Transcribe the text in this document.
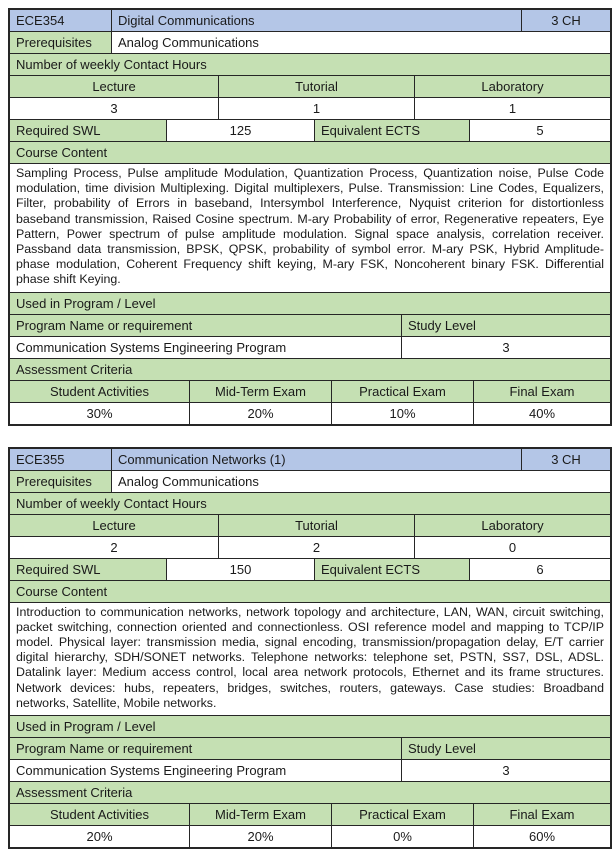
ECE354	Digital Communications	3 CH
Prerequisites	Analog Communications
Number of weekly Contact Hours
Lecture	Tutorial	Laboratory
3	1	1
Required SWL	125	Equivalent ECTS	5
Course Content
Sampling Process, Pulse amplitude Modulation, Quantization Process, Quantization noise, Pulse Code modulation, time division Multiplexing. Digital multiplexers, Pulse. Transmission: Line Codes, Equalizers, Filter, probability of Errors in baseband, Intersymbol Interference, Nyquist criterion for distortionless baseband transmission, Raised Cosine spectrum. M-ary Probability of error, Regenerative repeaters, Eye Pattern, Power spectrum of pulse amplitude modulation. Signal space analysis, correlation receiver. Passband data transmission, BPSK, QPSK, probability of symbol error. M-ary PSK, Hybrid Amplitude-phase modulation, Coherent Frequency shift keying, M-ary FSK, Noncoherent binary FSK. Differential phase shift Keying.
Used in Program / Level
Program Name or requirement	Study Level
Communication Systems Engineering Program	3
Assessment Criteria
Student Activities	Mid-Term Exam	Practical Exam	Final Exam
30%	20%	10%	40%
ECE355	Communication Networks (1)	3 CH
Prerequisites	Analog Communications
Number of weekly Contact Hours
Lecture	Tutorial	Laboratory
2	2	0
Required SWL	150	Equivalent ECTS	6
Course Content
Introduction to communication networks, network topology and architecture, LAN, WAN, circuit switching, packet switching, connection oriented and connectionless. OSI reference model and mapping to TCP/IP model. Physical layer: transmission media, signal encoding, transmission/propagation delay, E/T carrier digital hierarchy, SDH/SONET networks. Telephone networks: telephone set, PSTN, SS7, DSL, ADSL. Datalink layer: Medium access control, local area network protocols, Ethernet and its frame structures. Network devices: hubs, repeaters, bridges, switches, routers, gateways. Case studies: Broadband networks, Satellite, Mobile networks.
Used in Program / Level
Program Name or requirement	Study Level
Communication Systems Engineering Program	3
Assessment Criteria
Student Activities	Mid-Term Exam	Practical Exam	Final Exam
20%	20%	0%	60%
